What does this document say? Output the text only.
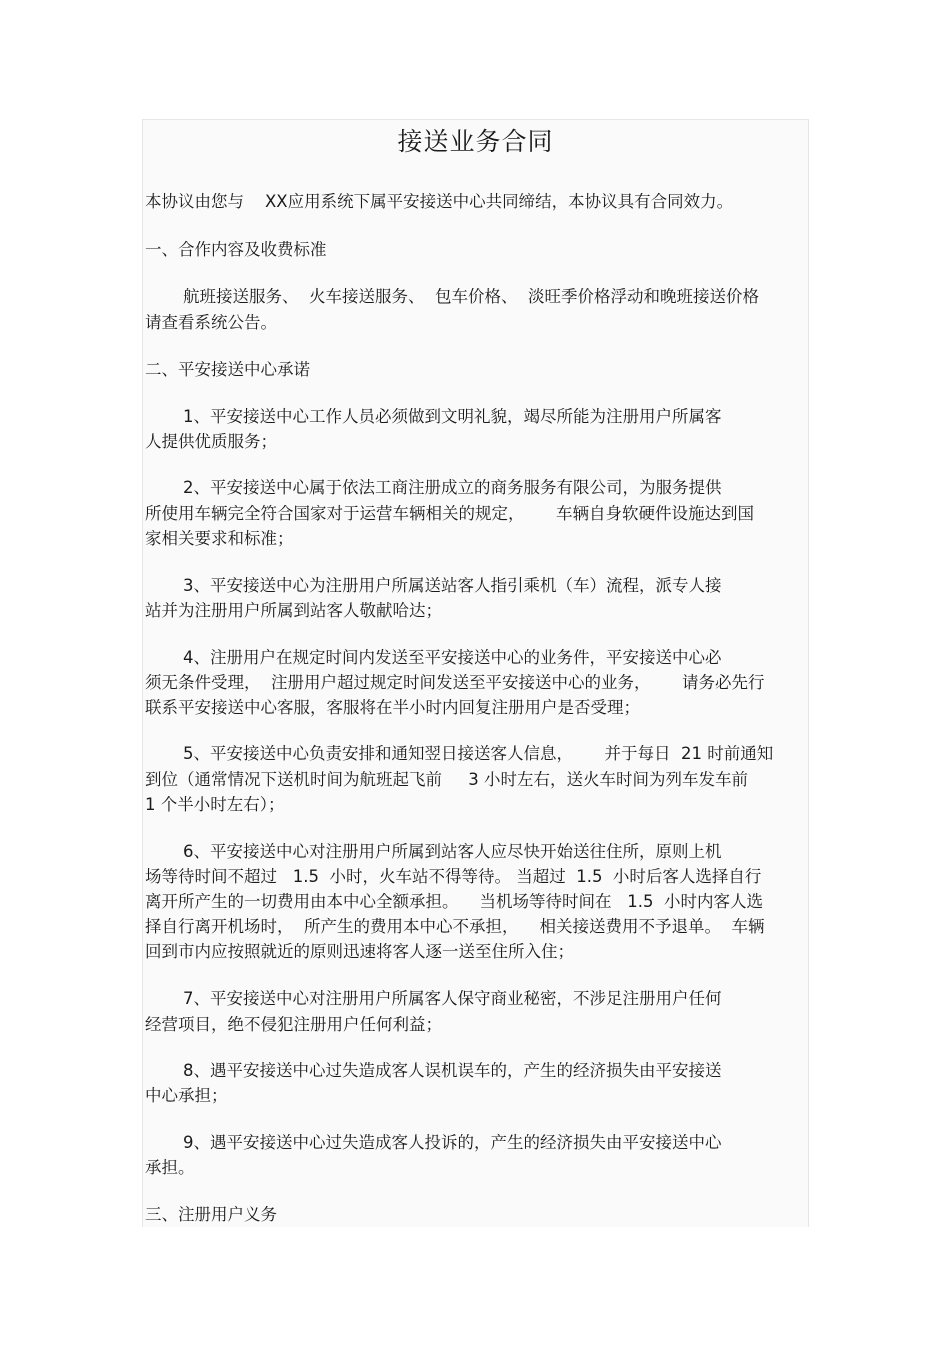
接送业务合同
本协议由您与    XX应用系统下属平安接送中心共同缔结，本协议具有合同效力。
一、合作内容及收费标准
航班接送服务、  火车接送服务、  包车价格、  淡旺季价格浮动和晚班接送价格
请查看系统公告。
二、平安接送中心承诺
1、平安接送中心工作人员必须做到文明礼貌，竭尽所能为注册用户所属客
人提供优质服务；
2、平安接送中心属于依法工商注册成立的商务服务有限公司，为服务提供
所使用车辆完全符合国家对于运营车辆相关的规定，      车辆自身软硬件设施达到国
家相关要求和标准；
3、平安接送中心为注册用户所属送站客人指引乘机（车）流程，派专人接
站并为注册用户所属到站客人敬献哈达；
4、注册用户在规定时间内发送至平安接送中心的业务件，平安接送中心必
须无条件受理，  注册用户超过规定时间发送至平安接送中心的业务，      请务必先行
联系平安接送中心客服，客服将在半小时内回复注册用户是否受理；
5、平安接送中心负责安排和通知翌日接送客人信息，      并于每日  21 时前通知
到位（通常情况下送机时间为航班起飞前     3 小时左右，送火车时间为列车发车前
1 个半小时左右）；
6、平安接送中心对注册用户所属到站客人应尽快开始送往住所，原则上机
场等待时间不超过   1.5  小时，火车站不得等待。 当超过  1.5  小时后客人选择自行
离开所产生的一切费用由本中心全额承担。    当机场等待时间在   1.5  小时内客人选
择自行离开机场时，  所产生的费用本中心不承担，    相关接送费用不予退单。  车辆
回到市内应按照就近的原则迅速将客人逐一送至住所入住；
7、平安接送中心对注册用户所属客人保守商业秘密，不涉足注册用户任何
经营项目，绝不侵犯注册用户任何利益；
8、遇平安接送中心过失造成客人误机误车的，产生的经济损失由平安接送
中心承担；
9、遇平安接送中心过失造成客人投诉的，产生的经济损失由平安接送中心
承担。
三、注册用户义务
